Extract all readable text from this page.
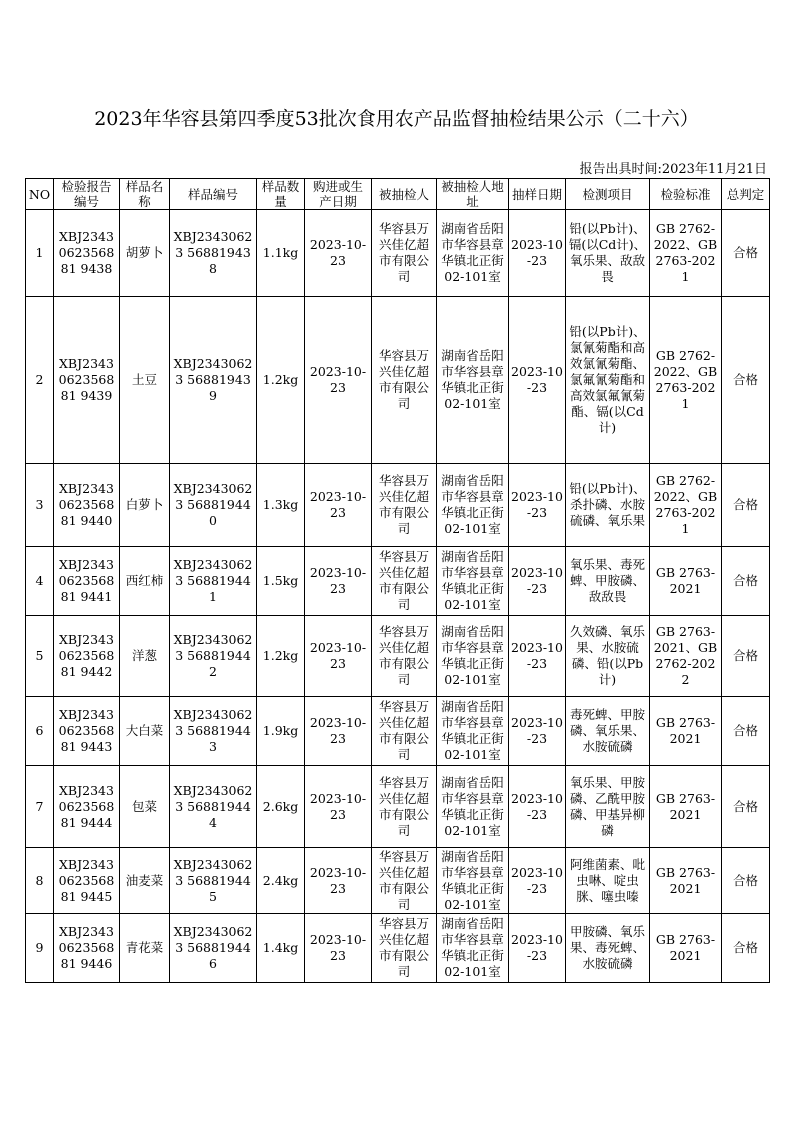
2023年华容县第四季度53批次食用农产品监督抽检结果公示（二十六）
报告出具时间:2023年11月21日
NO	检验报告编号	样品名称	样品编号	样品数量	购进或生产日期	被抽检人	被抽检人地址	抽样日期	检测项目	检验标准	总判定
1	XBJ2343062356881 9438	胡萝卜	XBJ23430623 568819438	1.1kg	2023-10-23	华容县万兴佳亿超市有限公司	湖南省岳阳市华容县章华镇北正街02-101室	2023-10-23	铅(以Pb计)、镉(以Cd计)、氧乐果、敌敌畏	GB 2762-2022、GB 2763-2021	合格
2	XBJ2343062356881 9439	土豆	XBJ23430623 568819439	1.2kg	2023-10-23	华容县万兴佳亿超市有限公司	湖南省岳阳市华容县章华镇北正街02-101室	2023-10-23	铅(以Pb计)、氯氰菊酯和高效氯氰菊酯、氯氟氰菊酯和高效氯氟氰菊酯、镉(以Cd计)	GB 2762-2022、GB 2763-2021	合格
3	XBJ2343062356881 9440	白萝卜	XBJ23430623 568819440	1.3kg	2023-10-23	华容县万兴佳亿超市有限公司	湖南省岳阳市华容县章华镇北正街02-101室	2023-10-23	铅(以Pb计)、杀扑磷、水胺硫磷、氧乐果	GB 2762-2022、GB 2763-2021	合格
4	XBJ2343062356881 9441	西红柿	XBJ23430623 568819441	1.5kg	2023-10-23	华容县万兴佳亿超市有限公司	湖南省岳阳市华容县章华镇北正街02-101室	2023-10-23	氧乐果、毒死蜱、甲胺磷、敌敌畏	GB 2763-2021	合格
5	XBJ2343062356881 9442	洋葱	XBJ23430623 568819442	1.2kg	2023-10-23	华容县万兴佳亿超市有限公司	湖南省岳阳市华容县章华镇北正街02-101室	2023-10-23	久效磷、氧乐果、水胺硫磷、铅(以Pb计)	GB 2763-2021、GB 2762-2022	合格
6	XBJ2343062356881 9443	大白菜	XBJ23430623 568819443	1.9kg	2023-10-23	华容县万兴佳亿超市有限公司	湖南省岳阳市华容县章华镇北正街02-101室	2023-10-23	毒死蜱、甲胺磷、氧乐果、水胺硫磷	GB 2763-2021	合格
7	XBJ2343062356881 9444	包菜	XBJ23430623 568819444	2.6kg	2023-10-23	华容县万兴佳亿超市有限公司	湖南省岳阳市华容县章华镇北正街02-101室	2023-10-23	氧乐果、甲胺磷、乙酰甲胺磷、甲基异柳磷	GB 2763-2021	合格
8	XBJ2343062356881 9445	油麦菜	XBJ23430623 568819445	2.4kg	2023-10-23	华容县万兴佳亿超市有限公司	湖南省岳阳市华容县章华镇北正街02-101室	2023-10-23	阿维菌素、吡虫啉、啶虫脒、噻虫嗪	GB 2763-2021	合格
9	XBJ2343062356881 9446	青花菜	XBJ23430623 568819446	1.4kg	2023-10-23	华容县万兴佳亿超市有限公司	湖南省岳阳市华容县章华镇北正街02-101室	2023-10-23	甲胺磷、氧乐果、毒死蜱、水胺硫磷	GB 2763-2021	合格
